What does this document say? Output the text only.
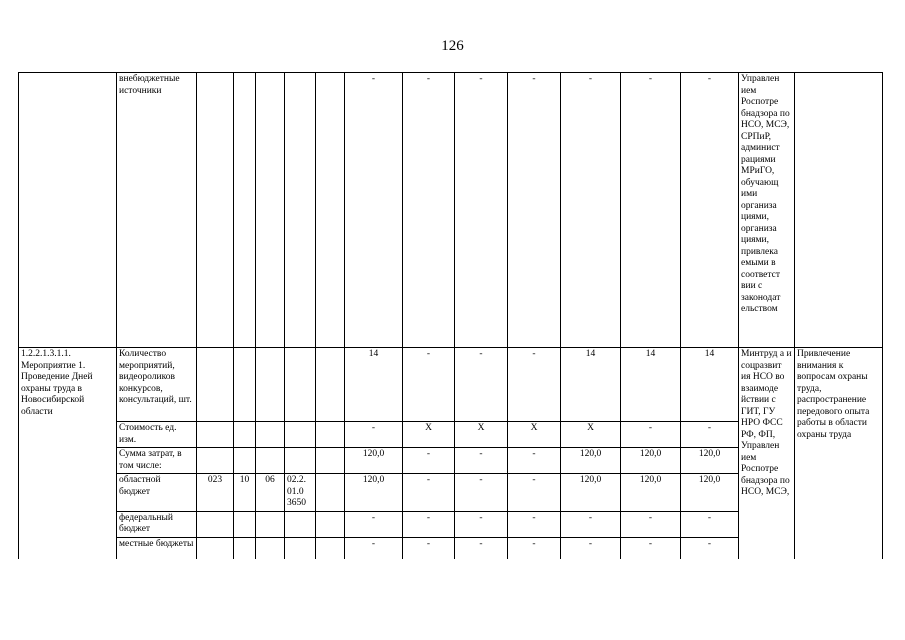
126
	внебюджетные источники						-	-	-	-	-	-	-	Управлен ием Роспотре бнадзора по НСО, МСЭ, СРПиР, админист рациями МРиГО, обучающ ими организа циями, организа циями, привлека емыми в соответст вии с законодат ельством	
1.2.2.1.3.1.1. Мероприятие 1. Проведение Дней охраны труда в Новосибирской области	Количество мероприятий, видеороликов конкурсов, консультаций, шт.						14	-	-	-	14	14	14	Минтруд а и соцразвит ия НСО во взаимоде йствии с ГИТ, ГУ НРО ФСС РФ, ФП, Управлен ием Роспотре бнадзора по НСО, МСЭ,	Привлечение внимания к вопросам охраны труда, распространение передового опыта работы в области охраны труда
	Стоимость ед. изм.						-	Х	Х	Х	Х	-	-		
	Сумма затрат, в том числе:						120,0	-	-	-	120,0	120,0	120,0		
	областной бюджет	023	10	06	02.2. 01.0 3650		120,0	-	-	-	120,0	120,0	120,0		
	федеральный бюджет						-	-	-	-	-	-	-		
	местные бюджеты						-	-	-	-	-	-	-		
